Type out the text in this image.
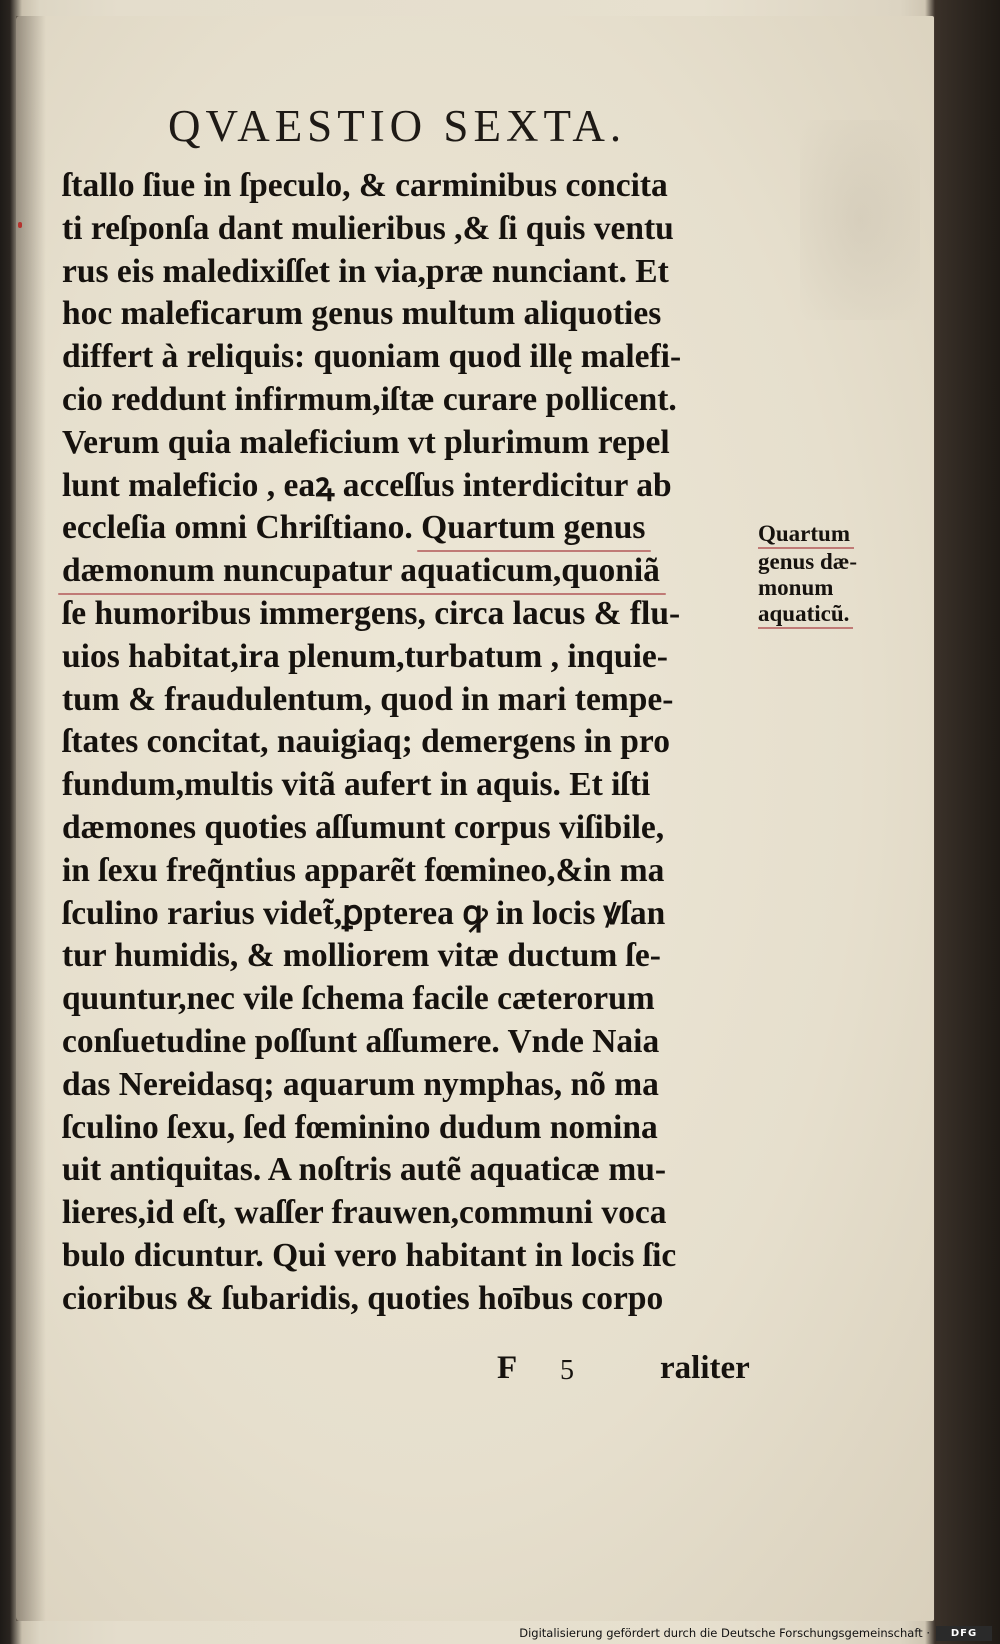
QVAESTIO SEXTA.
ſtallo ſiue in ſpeculo, & carminibus concita
ti reſponſa dant mulieribus ,& ſi quis ventu
rus eis maledixiſſet in via,præ nunciant. Et
hoc maleficarum genus multum aliquoties
differt à reliquis: quoniam quod illę malefi-
cio reddunt infirmum,iſtæ curare pollicent.
Verum quia maleficium vt plurimum repel
lunt maleficio , eaꝝ acceſſus interdicitur ab
eccleſia omni Chriſtiano. Quartum genus
dæmonum nuncupatur aquaticum,quoniã
ſe humoribus immergens, circa lacus & flu-
uios habitat,ira plenum,turbatum , inquie-
tum & fraudulentum, quod in mari tempe-
ſtates concitat, nauigiaq; demergens in pro
fundum,multis vitã aufert in aquis. Et iſti
dæmones quoties aſſumunt corpus viſibile,
in ſexu freq̃ntius apparẽt fœmineo,&in ma
ſculino rarius videt̃,ꝑpterea ꝙ in locis ꝟſan
tur humidis, & molliorem vitæ ductum ſe-
quuntur,nec vile ſchema facile cæterorum
conſuetudine poſſunt aſſumere. Vnde Naia
das Nereidasq; aquarum nymphas, nõ ma
ſculino ſexu, ſed fœminino dudum nomina
uit antiquitas. A noſtris autẽ aquaticæ mu-
lieres,id eſt, waſſer frauwen,communi voca
bulo dicuntur. Qui vero habitant in locis ſic
cioribus & ſubaridis, quoties hoībus corpo
Quartum
genus dæ-
monum
aquaticũ.
F 5	raliter
Digitalisierung gefördert durch die Deutsche Forschungsgemeinschaft ·	DFG
